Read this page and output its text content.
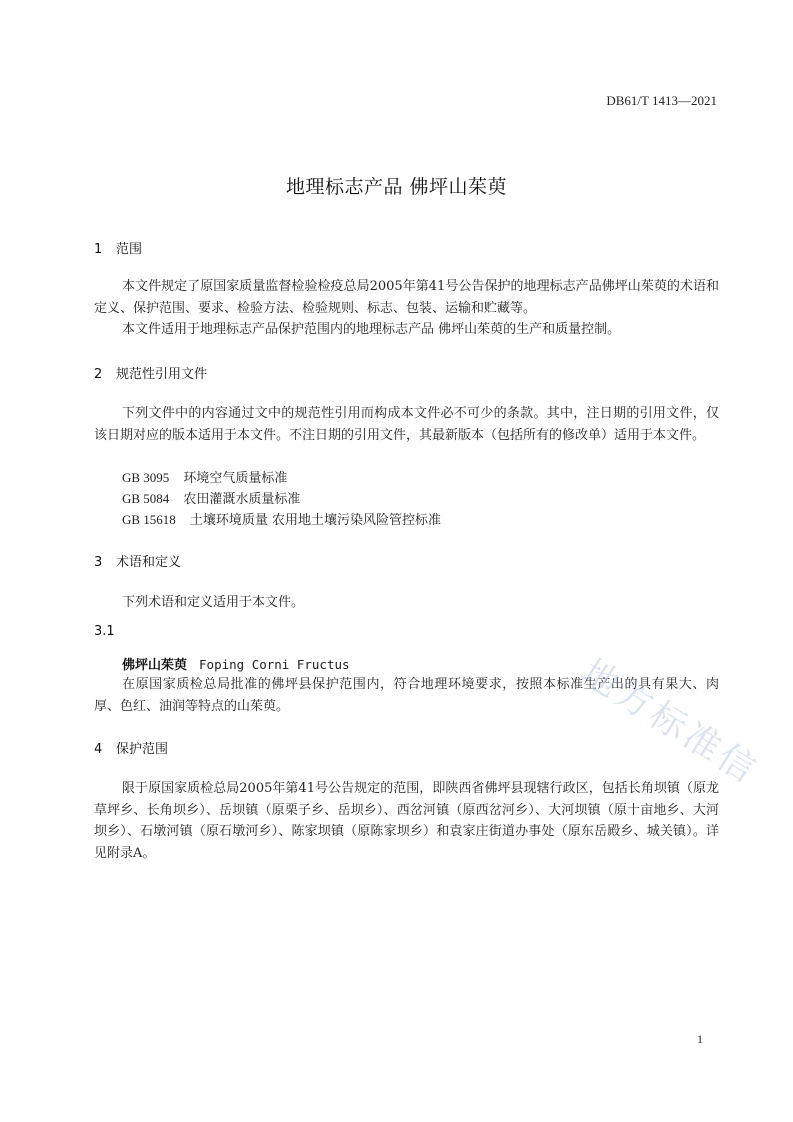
DB61/T 1413—2021
地理标志产品 佛坪山茱萸
1 范围
本文件规定了原国家质量监督检验检疫总局2005年第41号公告保护的地理标志产品佛坪山茱萸的术语和定义、保护范围、要求、检验方法、检验规则、标志、包装、运输和贮藏等。
本文件适用于地理标志产品保护范围内的地理标志产品 佛坪山茱萸的生产和质量控制。
2 规范性引用文件
下列文件中的内容通过文中的规范性引用而构成本文件必不可少的条款。其中，注日期的引用文件，仅该日期对应的版本适用于本文件。不注日期的引用文件，其最新版本（包括所有的修改单）适用于本文件。
GB 3095 环境空气质量标准
GB 5084 农田灌溉水质量标准
GB 15618 土壤环境质量 农用地土壤污染风险管控标准
3 术语和定义
下列术语和定义适用于本文件。
3.1
佛坪山茱萸 Foping Corni Fructus
在原国家质检总局批准的佛坪县保护范围内，符合地理环境要求，按照本标准生产出的具有果大、肉厚、色红、油润等特点的山茱萸。
4 保护范围
限于原国家质检总局2005年第41号公告规定的范围，即陕西省佛坪县现辖行政区，包括长角坝镇（原龙草坪乡、长角坝乡）、岳坝镇（原栗子乡、岳坝乡）、西岔河镇（原西岔河乡）、大河坝镇（原十亩地乡、大河坝乡）、石墩河镇（原石墩河乡）、陈家坝镇（原陈家坝乡）和袁家庄街道办事处（原东岳殿乡、城关镇）。详见附录A。
地方标准信
1
